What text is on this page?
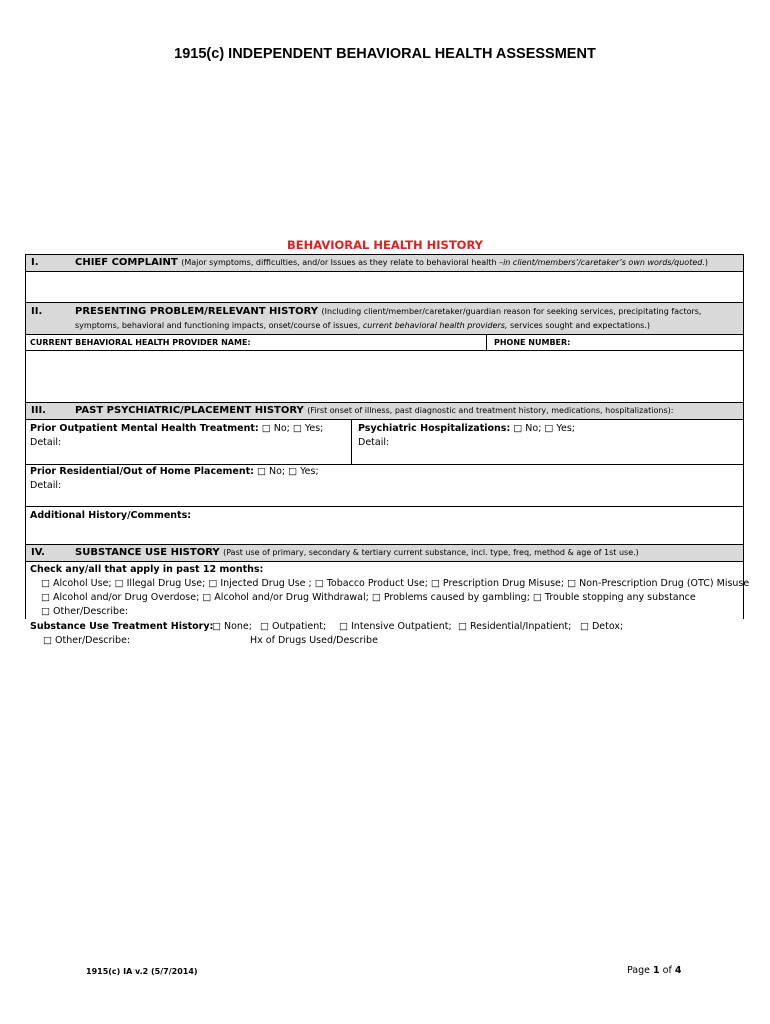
1915(c) INDEPENDENT BEHAVIORAL HEALTH ASSESSMENT
BEHAVIORAL HEALTH HISTORY
I.	CHIEF COMPLAINT (Major symptoms, difficulties, and/or Issues as they relate to behavioral health –in client/members’/caretaker’s own words/quoted.)
II.	PRESENTING PROBLEM/RELEVANT HISTORY (Including client/member/caretaker/guardian reason for seeking services, precipitating factors,
symptoms, behavioral and functioning impacts, onset/course of issues, current behavioral health providers, services sought and expectations.)
CURRENT BEHAVIORAL HEALTH PROVIDER NAME:	PHONE NUMBER:
III.	PAST PSYCHIATRIC/PLACEMENT HISTORY (First onset of illness, past diagnostic and treatment history, medications, hospitalizations):
Prior Outpatient Mental Health Treatment: □ No; □ Yes;
Detail:
Psychiatric Hospitalizations: □ No; □ Yes;
Detail:
Prior Residential/Out of Home Placement: □ No; □ Yes;
Detail:
Additional History/Comments:
IV.	SUBSTANCE USE HISTORY (Past use of primary, secondary & tertiary current substance, incl. type, freq, method & age of 1st use.)
Check any/all that apply in past 12 months:
□ Alcohol Use; □ Illegal Drug Use; □ Injected Drug Use ; □ Tobacco Product Use; □ Prescription Drug Misuse; □ Non-Prescription Drug (OTC) Misuse
□ Alcohol and/or Drug Overdose; □ Alcohol and/or Drug Withdrawal; □ Problems caused by gambling; □ Trouble stopping any substance
□ Other/Describe:
Substance Use Treatment History:
□ None; □ Outpatient; □ Intensive Outpatient; □ Residential/Inpatient; □ Detox;
□ Other/Describe:	Hx of Drugs Used/Describe
1915(c) IA v.2 (5/7/2014)	Page 1 of 4
